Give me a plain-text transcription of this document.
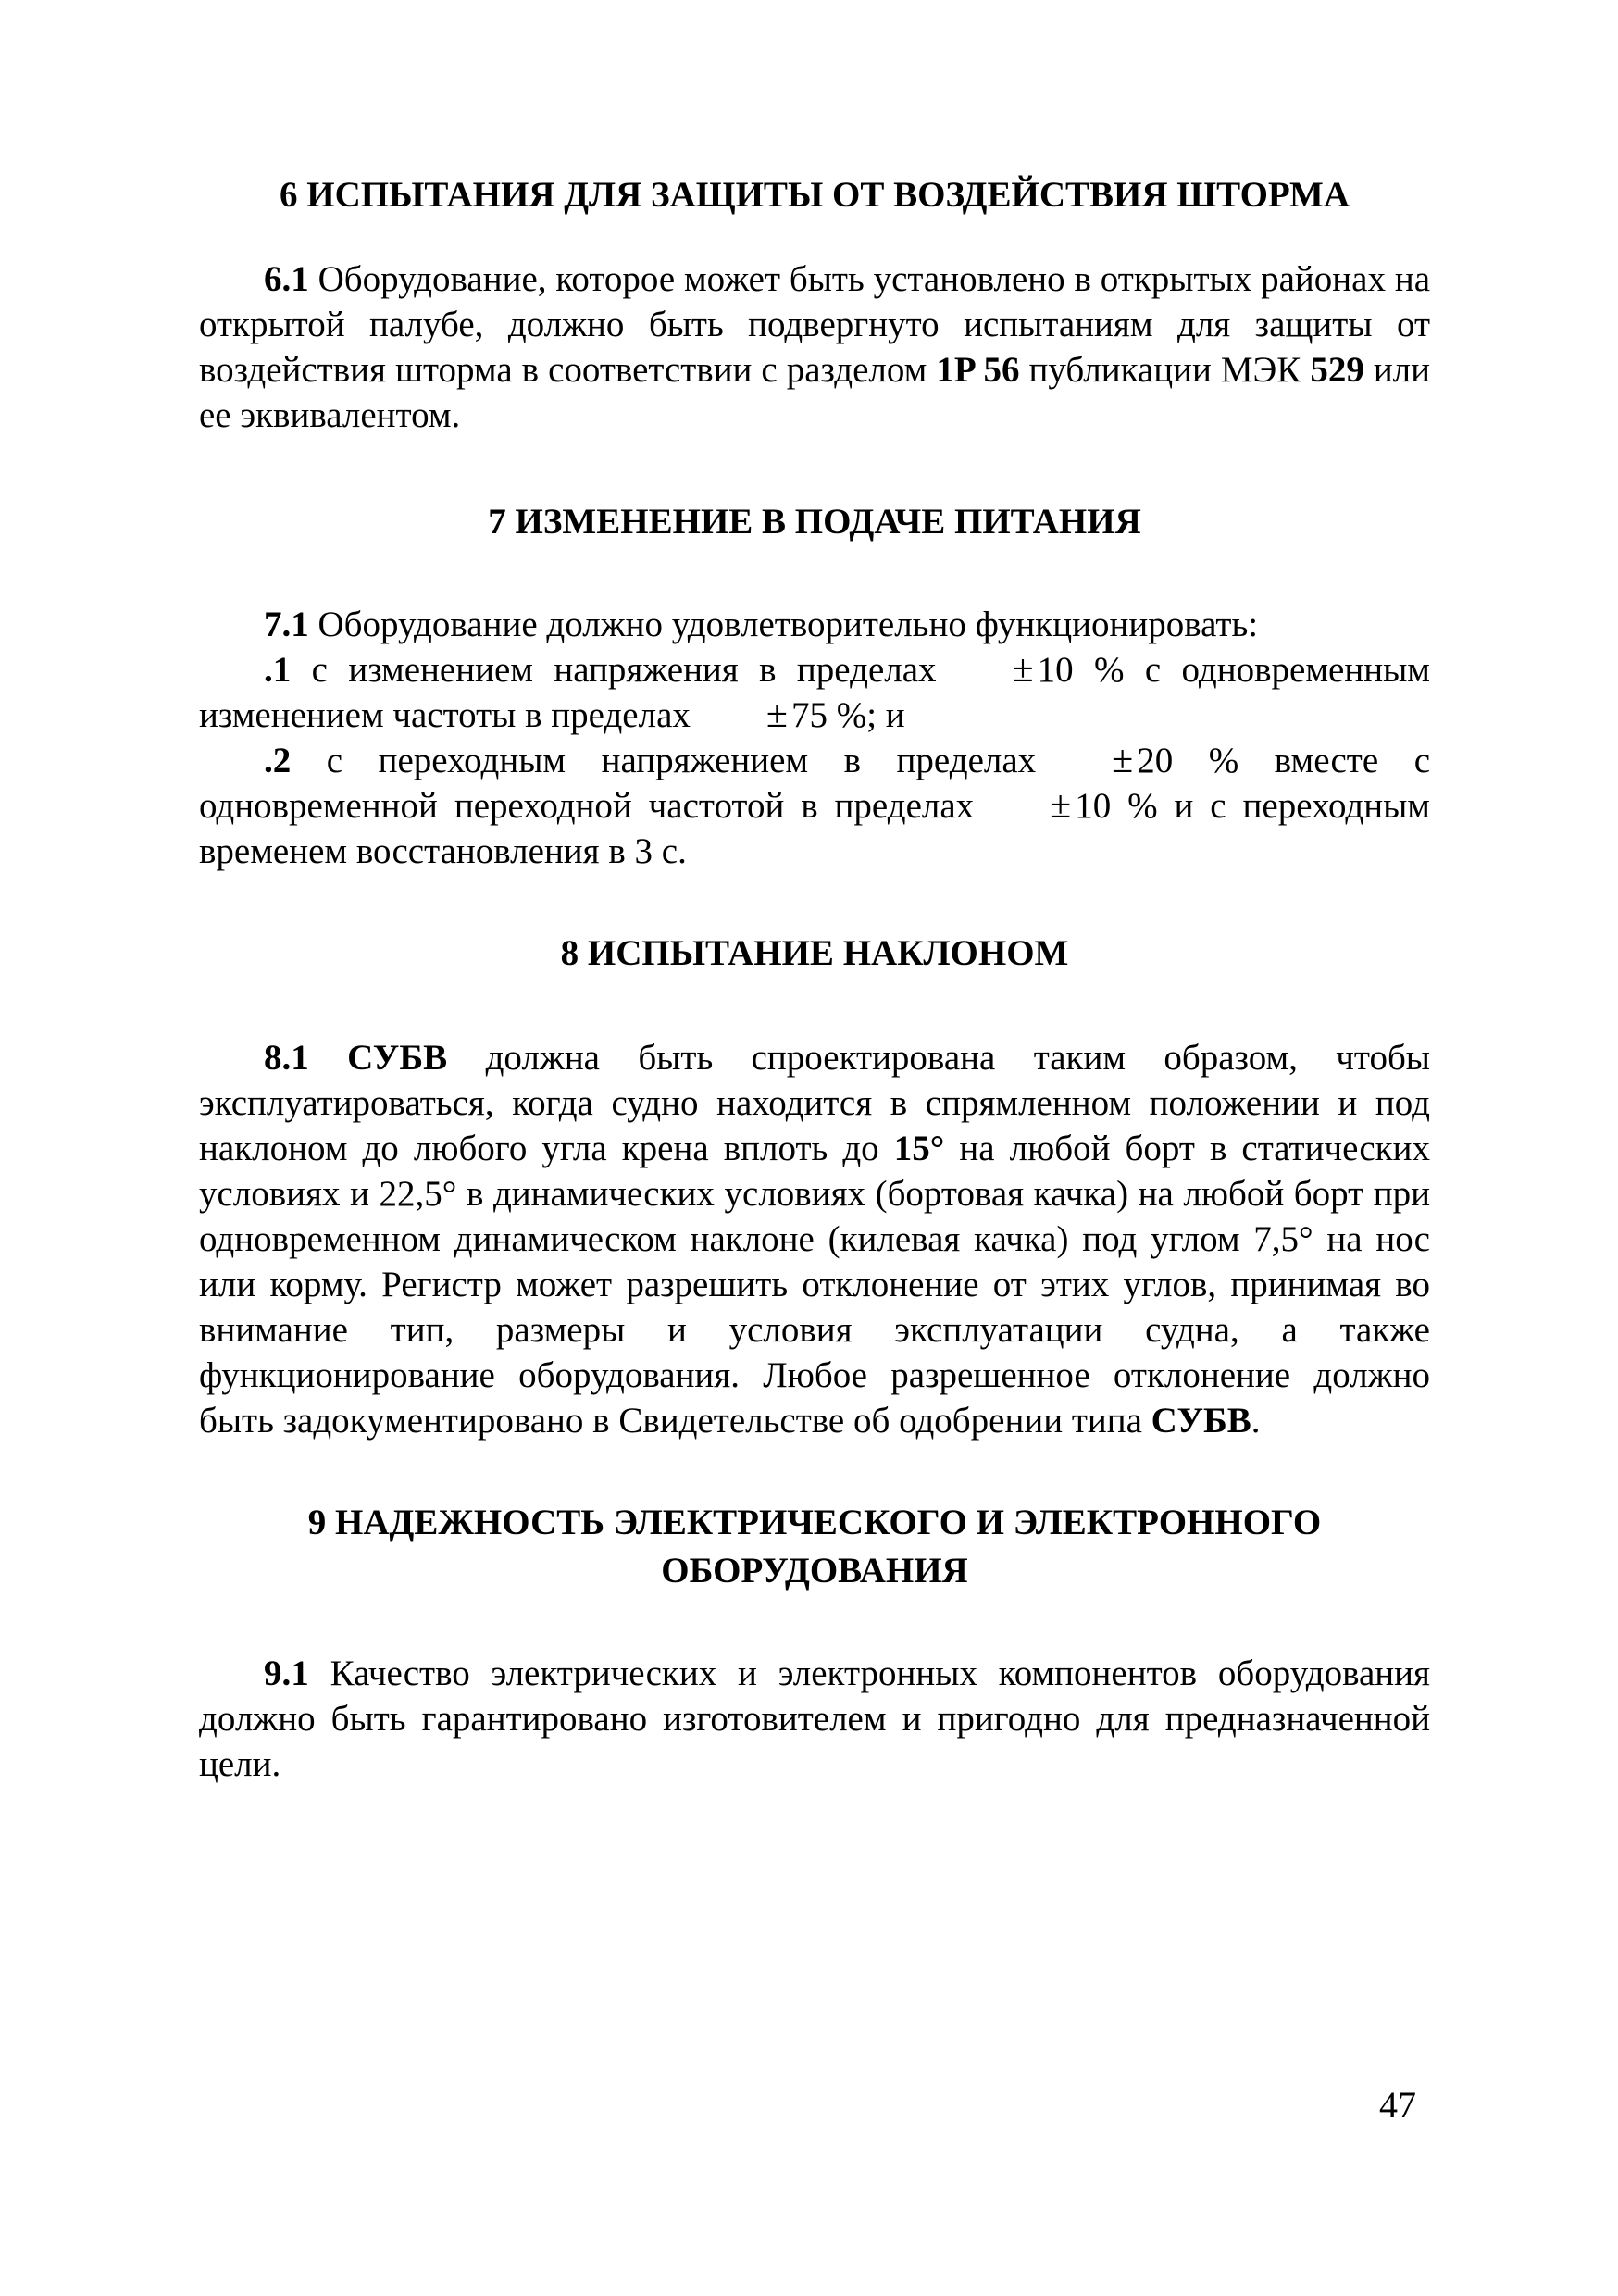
6 ИСПЫТАНИЯ ДЛЯ ЗАЩИТЫ ОТ ВОЗДЕЙСТВИЯ ШТОРМА

6.1 Оборудование, которое может быть установлено в открытых районах на открытой палубе, должно быть подвергнуто испытаниям для защиты от воздействия шторма в соответствии с разделом 1P 56 публикации МЭК 529 или ее эквивалентом.

7 ИЗМЕНЕНИЕ В ПОДАЧЕ ПИТАНИЯ

7.1 Оборудование должно удовлетворительно функционировать:

.1 с изменением напряжения в пределах ± 10 % с одновременным изменением частоты в пределах ± 75 %; и

.2 с переходным напряжением в пределах ± 20 % вместе с одновременной переходной частотой в пределах ± 10 % и с переходным временем восстановления в 3 с.

8 ИСПЫТАНИЕ НАКЛОНОМ

8.1 СУБВ должна быть спроектирована таким образом, чтобы эксплуатироваться, когда судно находится в спрямленном положении и под наклоном до любого угла крена вплоть до 15° на любой борт в статических условиях и 22,5° в динамических условиях (бортовая качка) на любой борт при одновременном динамическом наклоне (килевая качка) под углом 7,5° на нос или корму. Регистр может разрешить отклонение от этих углов, принимая во внимание тип, размеры и условия эксплуатации судна, а также функционирование оборудования. Любое разрешенное отклонение должно быть задокументировано в Свидетельстве об одобрении типа СУБВ.

9 НАДЕЖНОСТЬ ЭЛЕКТРИЧЕСКОГО И ЭЛЕКТРОННОГО
ОБОРУДОВАНИЯ

9.1 Качество электрических и электронных компонентов оборудования должно быть гарантировано изготовителем и пригодно для предназначенной цели.

47
